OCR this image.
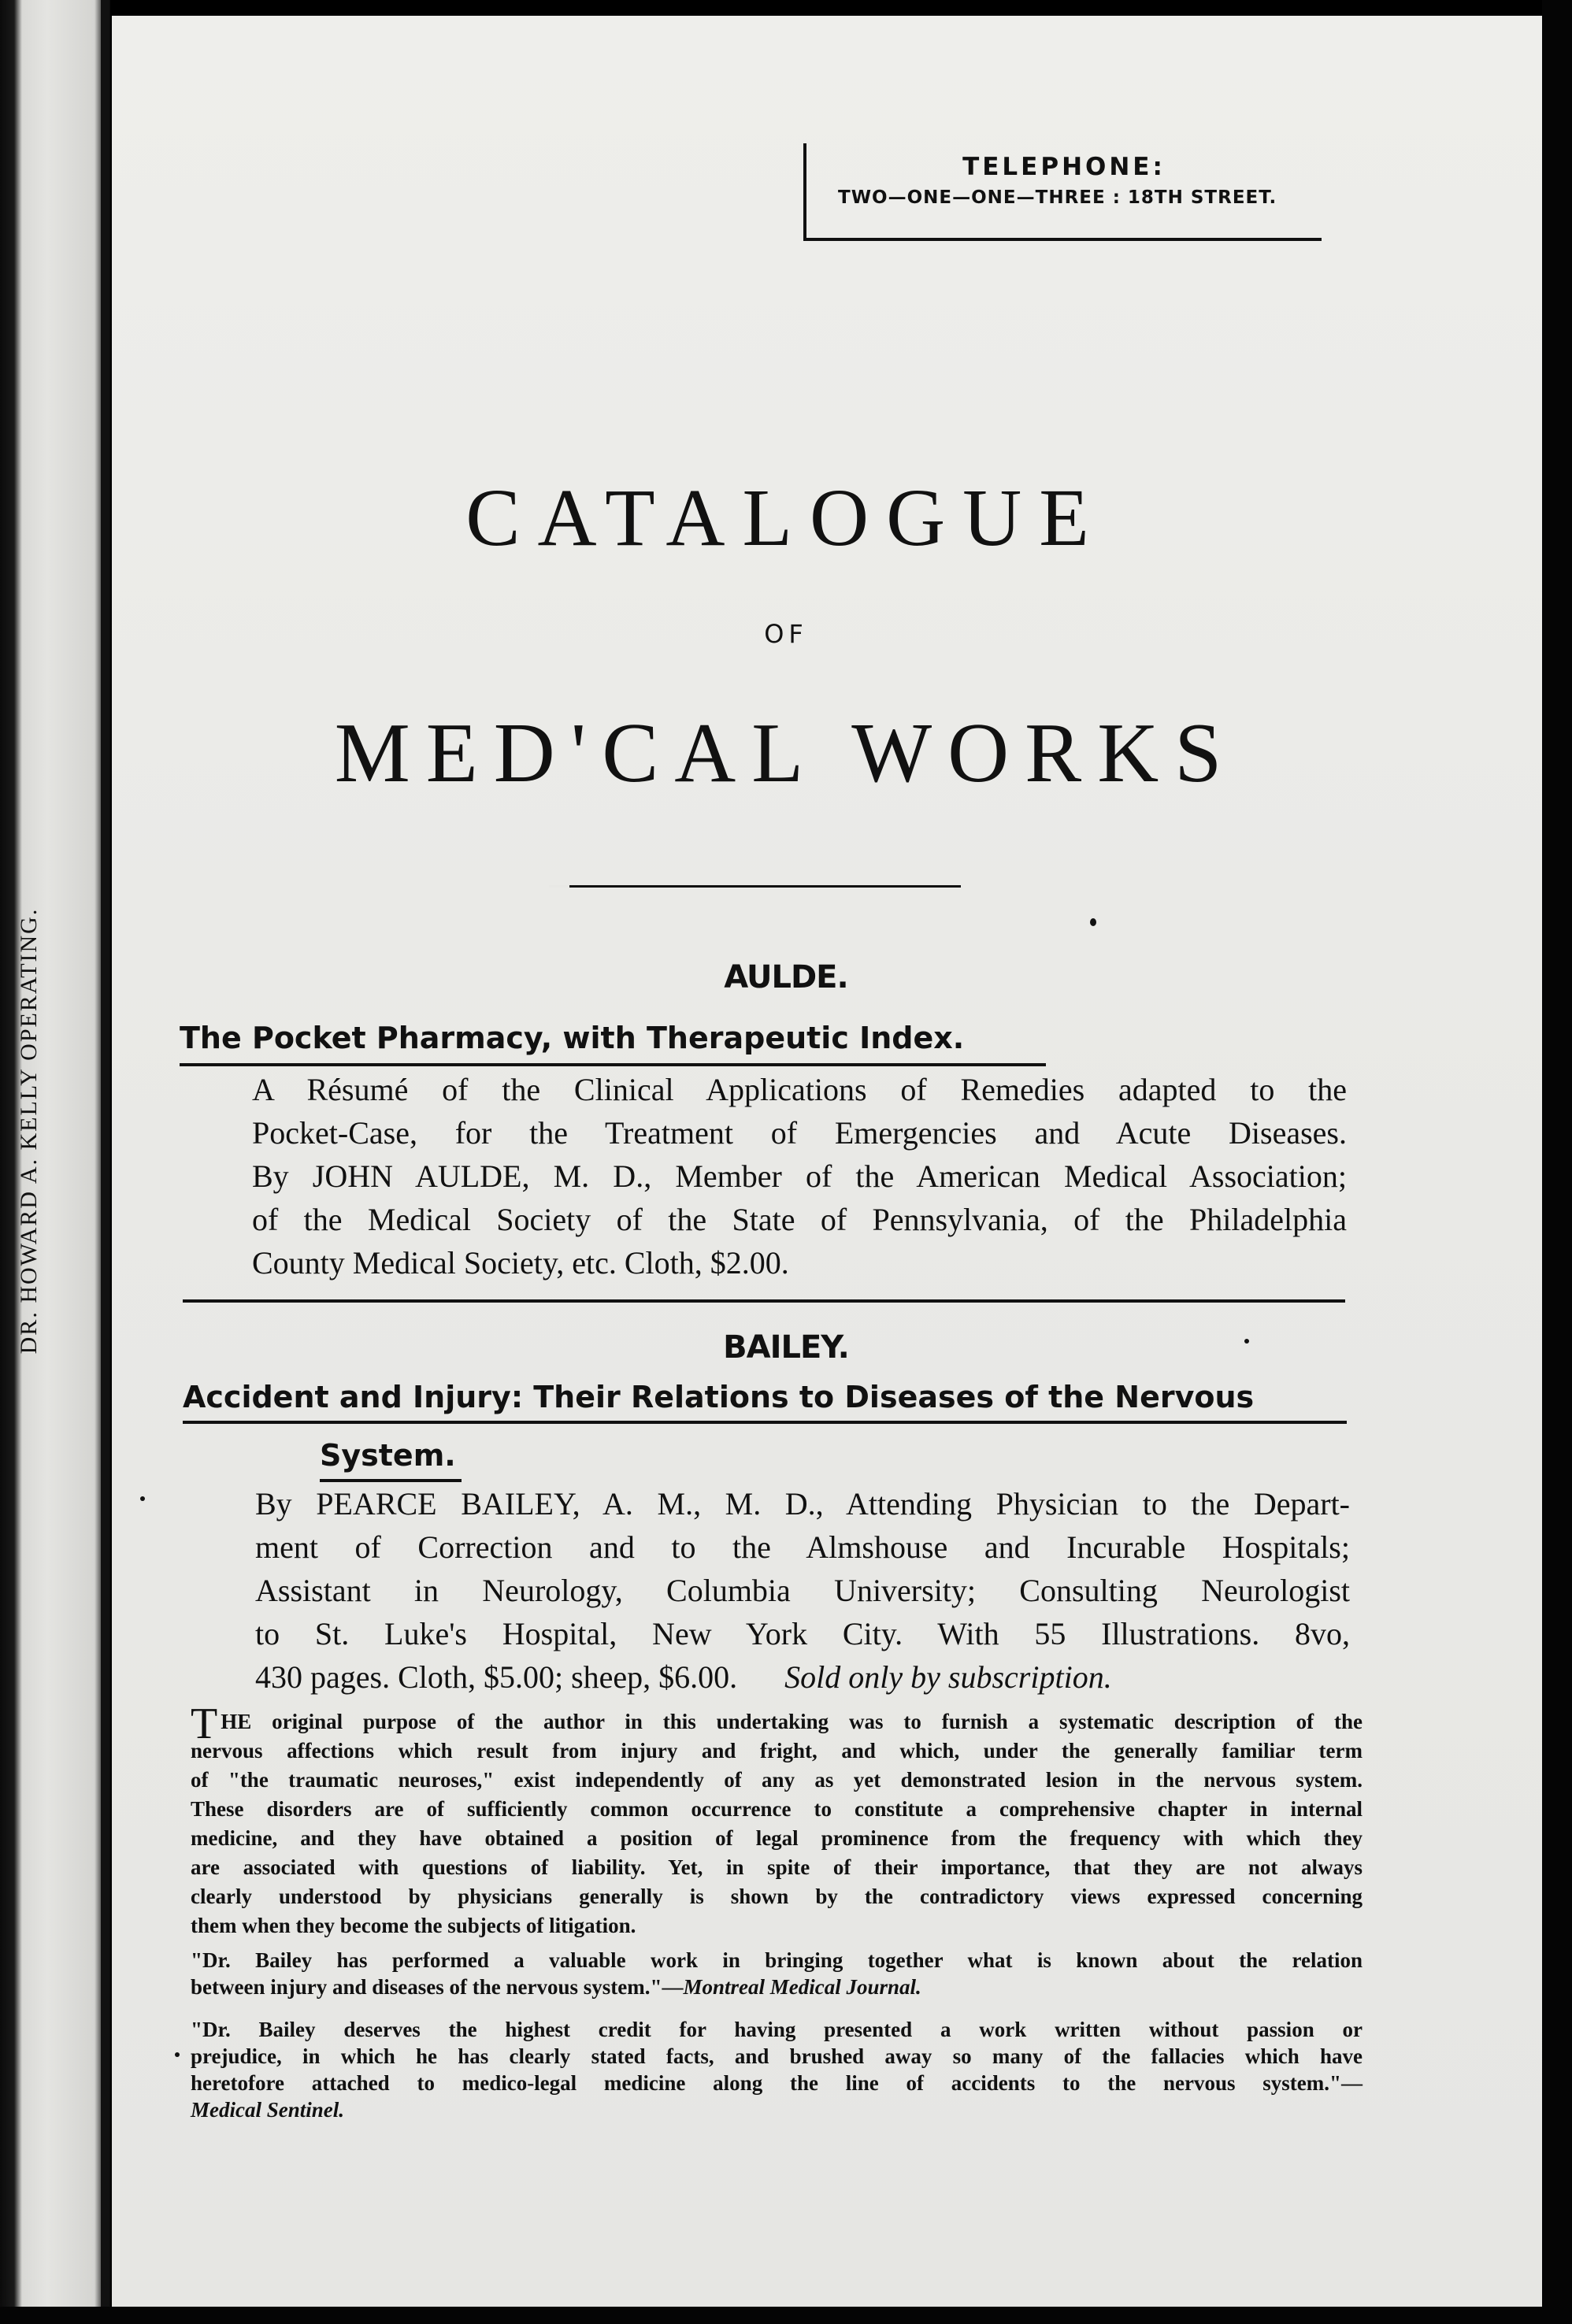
DR. HOWARD A. KELLY OPERATING.
TELEPHONE:
TWO—ONE—ONE—THREE : 18TH STREET.
CATALOGUE
OF
MED'CAL WORKS
AULDE.
The Pocket Pharmacy, with Therapeutic Index.
A Résumé of the Clinical Applications of Remedies adapted to the
Pocket-Case, for the Treatment of Emergencies and Acute Diseases.
By JOHN AULDE, M. D., Member of the American Medical Association;
of the Medical Society of the State of Pennsylvania, of the Philadelphia
County Medical Society, etc. Cloth, $2.00.
BAILEY.
Accident and Injury: Their Relations to Diseases of the Nervous
System.
By PEARCE BAILEY, A. M., M. D., Attending Physician to the Depart-
ment of Correction and to the Almshouse and Incurable Hospitals;
Assistant in Neurology, Columbia University; Consulting Neurologist
to St. Luke's Hospital, New York City. With 55 Illustrations. 8vo,
430 pages. Cloth, $5.00; sheep, $6.00. Sold only by subscription.
T HE original purpose of the author in this undertaking was to furnish a systematic description of the
nervous affections which result from injury and fright, and which, under the generally familiar term
of "the traumatic neuroses," exist independently of any as yet demonstrated lesion in the nervous system.
These disorders are of sufficiently common occurrence to constitute a comprehensive chapter in internal
medicine, and they have obtained a position of legal prominence from the frequency with which they
are associated with questions of liability. Yet, in spite of their importance, that they are not always
clearly understood by physicians generally is shown by the contradictory views expressed concerning
them when they become the subjects of litigation.
"Dr. Bailey has performed a valuable work in bringing together what is known about the relation
between injury and diseases of the nervous system."—Montreal Medical Journal.
"Dr. Bailey deserves the highest credit for having presented a work written without passion or
prejudice, in which he has clearly stated facts, and brushed away so many of the fallacies which have
heretofore attached to medico-legal medicine along the line of accidents to the nervous system."—
Medical Sentinel.
